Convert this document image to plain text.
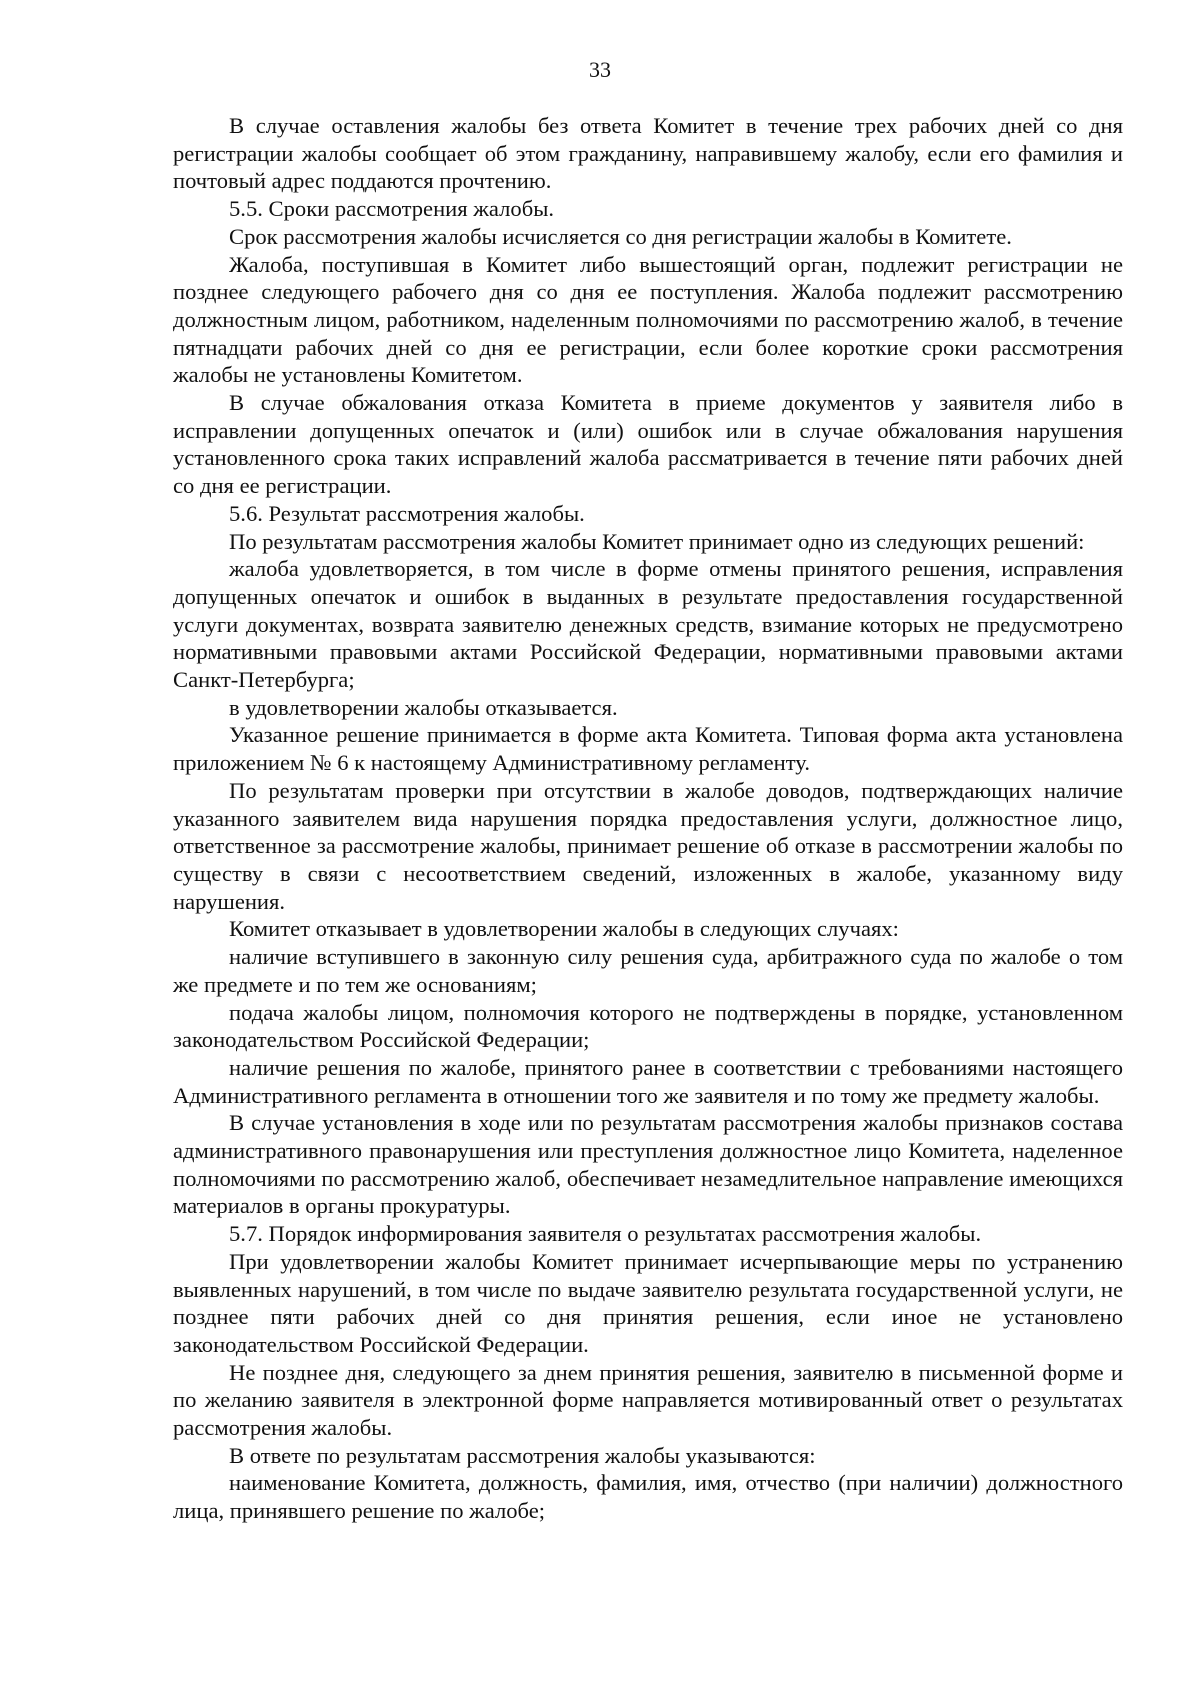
33

В случае оставления жалобы без ответа Комитет в течение трех рабочих дней со дня регистрации жалобы сообщает об этом гражданину, направившему жалобу, если его фамилия и почтовый адрес поддаются прочтению.

5.5. Сроки рассмотрения жалобы.

Срок рассмотрения жалобы исчисляется со дня регистрации жалобы в Комитете.

Жалоба, поступившая в Комитет либо вышестоящий орган, подлежит регистрации не позднее следующего рабочего дня со дня ее поступления. Жалоба подлежит рассмотрению должностным лицом, работником, наделенным полномочиями по рассмотрению жалоб, в течение пятнадцати рабочих дней со дня ее регистрации, если более короткие сроки рассмотрения жалобы не установлены Комитетом.

В случае обжалования отказа Комитета в приеме документов у заявителя либо в исправлении допущенных опечаток и (или) ошибок или в случае обжалования нарушения установленного срока таких исправлений жалоба рассматривается в течение пяти рабочих дней со дня ее регистрации.

5.6. Результат рассмотрения жалобы.

По результатам рассмотрения жалобы Комитет принимает одно из следующих решений:

жалоба удовлетворяется, в том числе в форме отмены принятого решения, исправления допущенных опечаток и ошибок в выданных в результате предоставления государственной услуги документах, возврата заявителю денежных средств, взимание которых не предусмотрено нормативными правовыми актами Российской Федерации, нормативными правовыми актами Санкт-Петербурга;

в удовлетворении жалобы отказывается.

Указанное решение принимается в форме акта Комитета. Типовая форма акта установлена приложением № 6 к настоящему Административному регламенту.

По результатам проверки при отсутствии в жалобе доводов, подтверждающих наличие указанного заявителем вида нарушения порядка предоставления услуги, должностное лицо, ответственное за рассмотрение жалобы, принимает решение об отказе в рассмотрении жалобы по существу в связи с несоответствием сведений, изложенных в жалобе, указанному виду нарушения.

Комитет отказывает в удовлетворении жалобы в следующих случаях:

наличие вступившего в законную силу решения суда, арбитражного суда по жалобе о том же предмете и по тем же основаниям;

подача жалобы лицом, полномочия которого не подтверждены в порядке, установленном законодательством Российской Федерации;

наличие решения по жалобе, принятого ранее в соответствии с требованиями настоящего Административного регламента в отношении того же заявителя и по тому же предмету жалобы.

В случае установления в ходе или по результатам рассмотрения жалобы признаков состава административного правонарушения или преступления должностное лицо Комитета, наделенное полномочиями по рассмотрению жалоб, обеспечивает незамедлительное направление имеющихся материалов в органы прокуратуры.

5.7. Порядок информирования заявителя о результатах рассмотрения жалобы.

При удовлетворении жалобы Комитет принимает исчерпывающие меры по устранению выявленных нарушений, в том числе по выдаче заявителю результата государственной услуги, не позднее пяти рабочих дней со дня принятия решения, если иное не установлено законодательством Российской Федерации.

Не позднее дня, следующего за днем принятия решения, заявителю в письменной форме и по желанию заявителя в электронной форме направляется мотивированный ответ о результатах рассмотрения жалобы.

В ответе по результатам рассмотрения жалобы указываются:

наименование Комитета, должность, фамилия, имя, отчество (при наличии) должностного лица, принявшего решение по жалобе;
